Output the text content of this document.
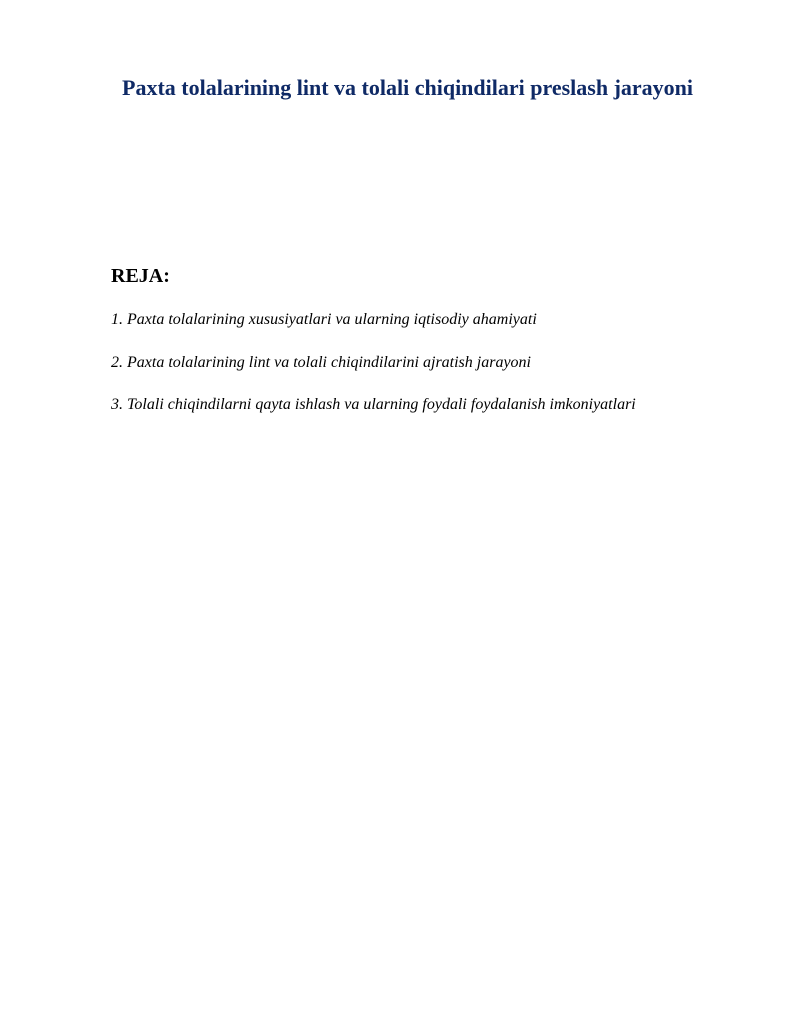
Paxta tolalarining lint va tolali chiqindilari preslash jarayoni
REJA:
1. Paxta tolalarining xususiyatlari va ularning iqtisodiy ahamiyati
2. Paxta tolalarining lint va tolali chiqindilarini ajratish jarayoni
3. Tolali chiqindilarni qayta ishlash va ularning foydali foydalanish imkoniyatlari
